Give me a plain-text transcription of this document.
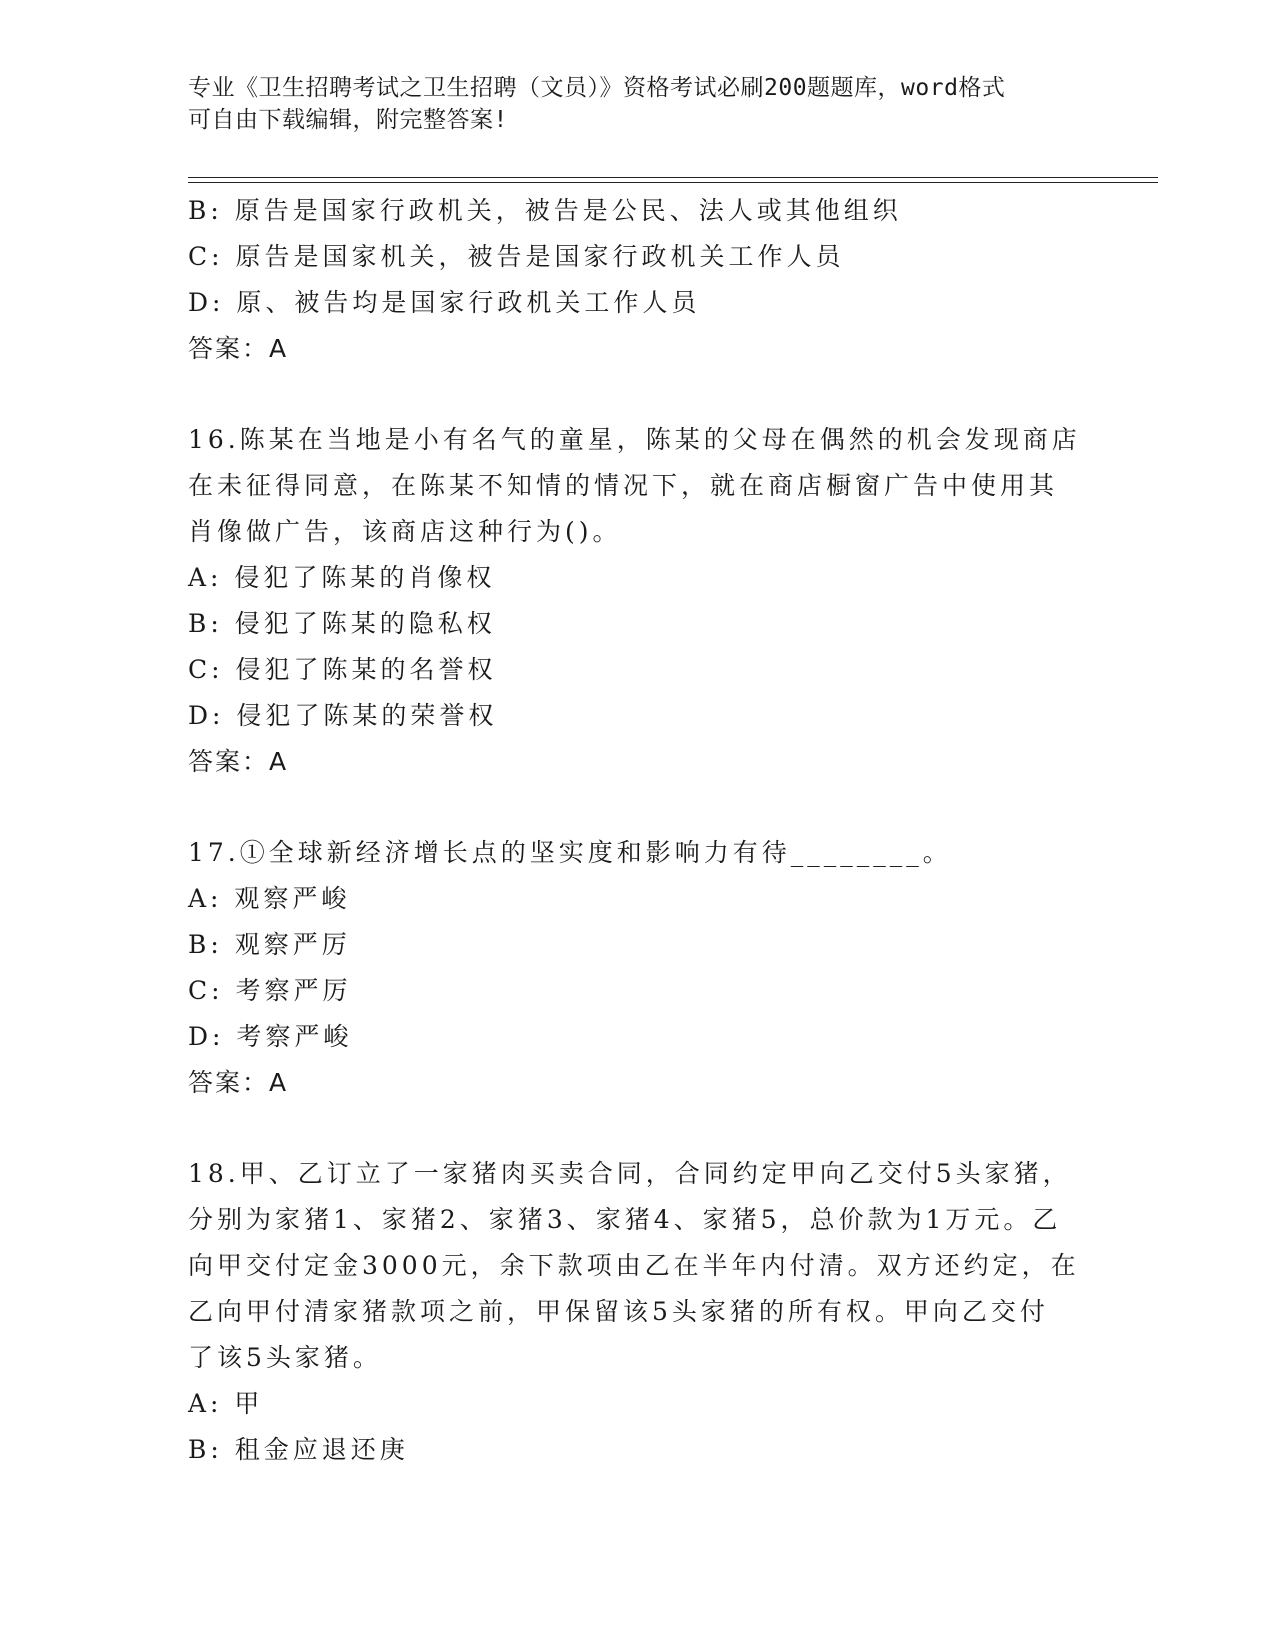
专业《卫生招聘考试之卫生招聘（文员）》资格考试必刷200题题库，word格式
可自由下载编辑，附完整答案!
B: 原告是国家行政机关，被告是公民、法人或其他组织
C: 原告是国家机关，被告是国家行政机关工作人员
D: 原、被告均是国家行政机关工作人员
答案：A
16.陈某在当地是小有名气的童星，陈某的父母在偶然的机会发现商店
在未征得同意，在陈某不知情的情况下，就在商店橱窗广告中使用其
肖像做广告，该商店这种行为()。
A: 侵犯了陈某的肖像权
B: 侵犯了陈某的隐私权
C: 侵犯了陈某的名誉权
D: 侵犯了陈某的荣誉权
答案：A
17.①全球新经济增长点的坚实度和影响力有待________。
A: 观察严峻
B: 观察严厉
C: 考察严厉
D: 考察严峻
答案：A
18.甲、乙订立了一家猪肉买卖合同，合同约定甲向乙交付5头家猪，
分别为家猪1、家猪2、家猪3、家猪4、家猪5，总价款为1万元。乙
向甲交付定金3000元，余下款项由乙在半年内付清。双方还约定，在
乙向甲付清家猪款项之前，甲保留该5头家猪的所有权。甲向乙交付
了该5头家猪。
A: 甲
B: 租金应退还庚
